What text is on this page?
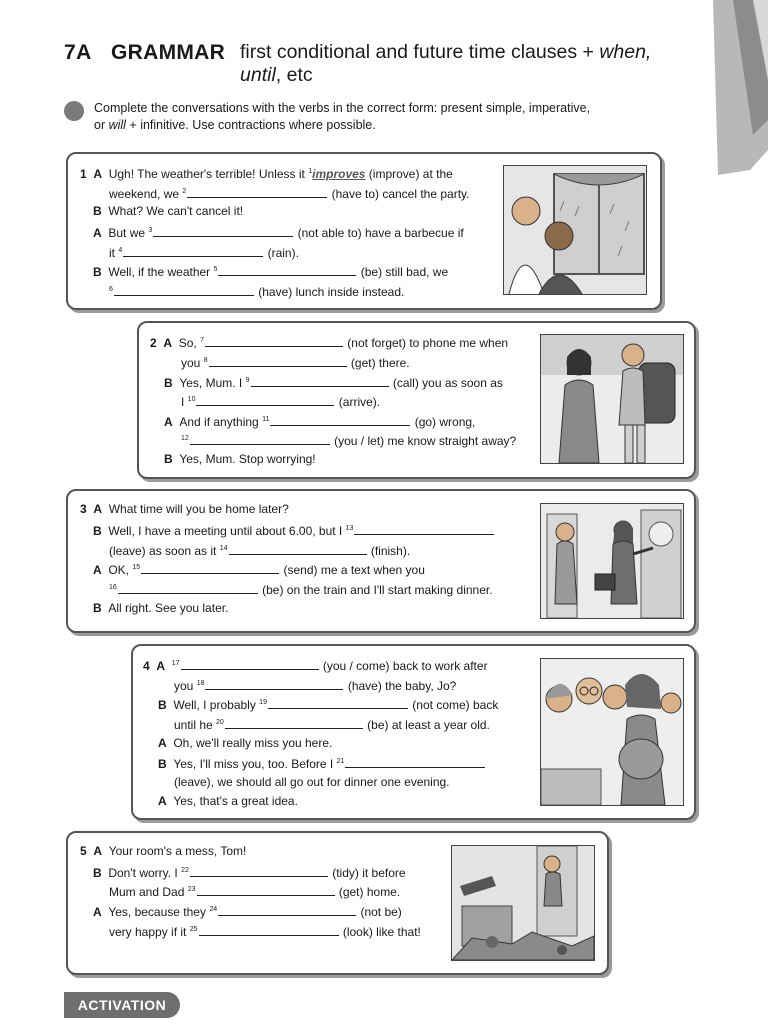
7A GRAMMAR first conditional and future time clauses + when,
until, etc
Complete the conversations with the verbs in the correct form: present simple, imperative,
or will + infinitive. Use contractions where possible.
1 A Ugh! The weather's terrible! Unless it $^1$improves (improve) at the
weekend, we $^2$	(have to) cancel the party.
B What? We can't cancel it!
A But we $^3$	(not able to) have a barbecue if
it $^4$	(rain).
B Well, if the weather $^5$	(be) still bad, we
$^6$	(have) lunch inside instead.
2 A So, $^7$	(not forget) to phone me when
you $^8$	(get) there.
B Yes, Mum. I $^9$	(call) you as soon as
I $^{10}$	(arrive).
A And if anything $^{11}$	(go) wrong,
$^{12}$	(you / let) me know straight away?
B Yes, Mum. Stop worrying!
3 A What time will you be home later?
B Well, I have a meeting until about 6.00, but I $^{13}$
(leave) as soon as it $^{14}$	(finish).
A OK, $^{15}$	(send) me a text when you
$^{16}$	(be) on the train and I'll start making dinner.
B All right. See you later.
4 A $^{17}$	(you / come) back to work after
you $^{18}$	(have) the baby, Jo?
B Well, I probably $^{19}$	(not come) back
until he $^{20}$	(be) at least a year old.
A Oh, we'll really miss you here.
B Yes, I'll miss you, too. Before I $^{21}$
(leave), we should all go out for dinner one evening.
A Yes, that's a great idea.
5 A Your room's a mess, Tom!
B Don't worry. I $^{22}$	(tidy) it before
Mum and Dad $^{23}$	(get) home.
A Yes, because they $^{24}$	(not be)
very happy if it $^{25}$	(look) like that!
ACTIVATION
